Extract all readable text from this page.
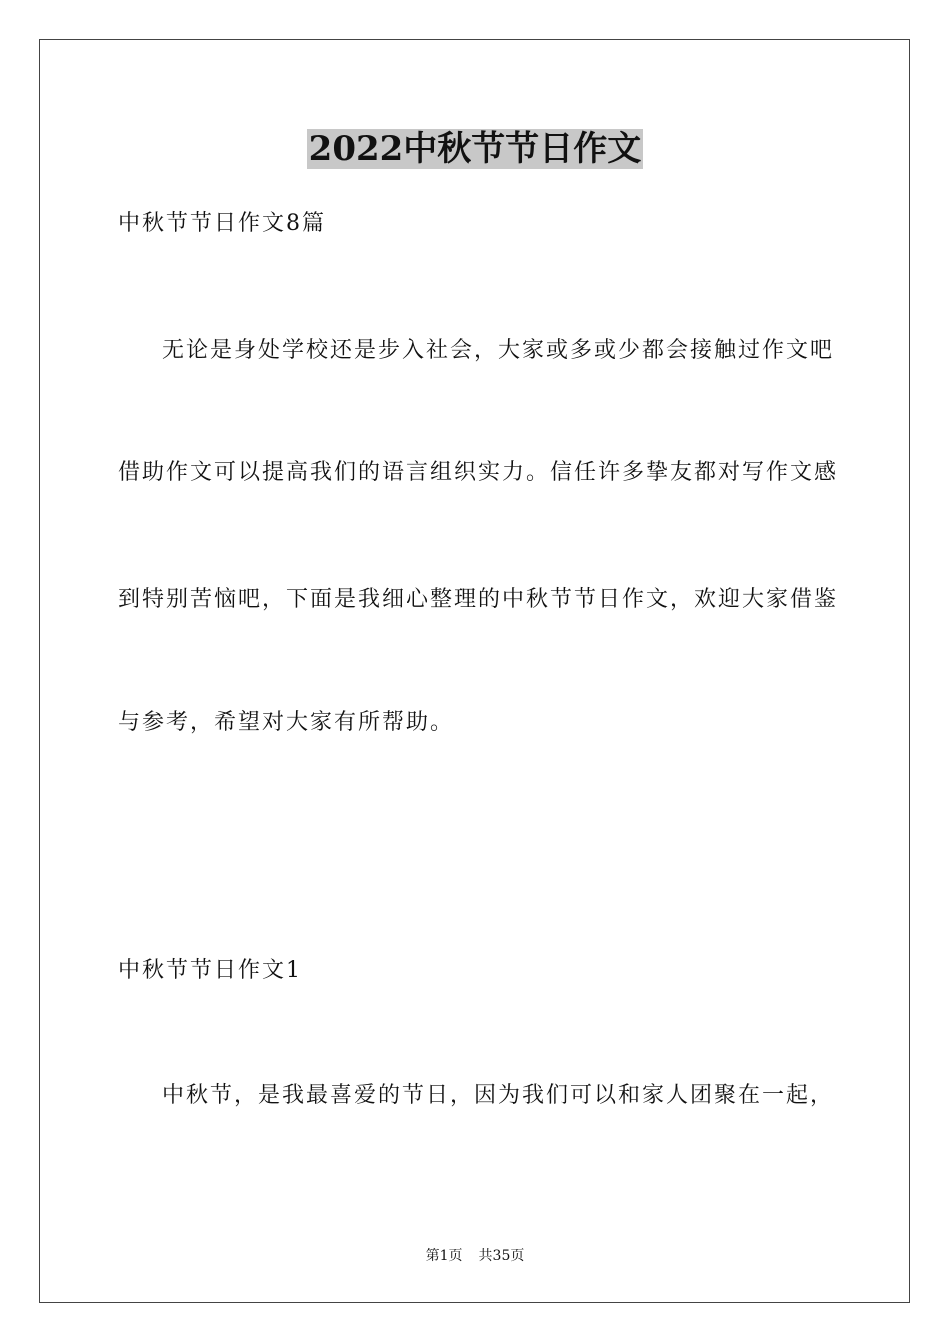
2022中秋节节日作文
中秋节节日作文8篇
无论是身处学校还是步入社会，大家或多或少都会接触过作文吧
借助作文可以提高我们的语言组织实力。信任许多挚友都对写作文感
到特别苦恼吧，下面是我细心整理的中秋节节日作文，欢迎大家借鉴
与参考，希望对大家有所帮助。
中秋节节日作文1
中秋节，是我最喜爱的节日，因为我们可以和家人团聚在一起，
第1页 共35页
